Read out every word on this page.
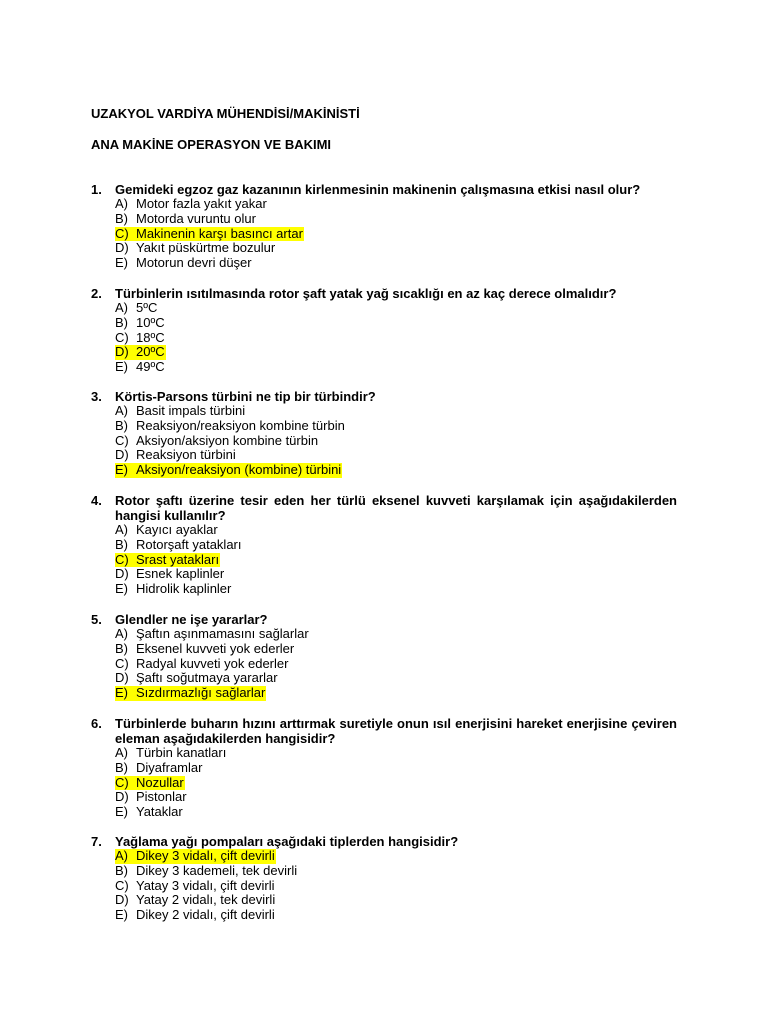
UZAKYOL VARDİYA MÜHENDİSİ/MAKİNİSTİ
ANA MAKİNE OPERASYON VE BAKIMI
1. Gemideki egzoz gaz kazanının kirlenmesinin makinenin çalışmasına etkisi nasıl olur?
A) Motor fazla yakıt yakar
B) Motorda vuruntu olur
C) Makinenin karşı basıncı artar
D) Yakıt püskürtme bozulur
E) Motorun devri düşer
2. Türbinlerin ısıtılmasında rotor şaft yatak yağ sıcaklığı en az kaç derece olmalıdır?
A) 5ºC
B) 10ºC
C) 18ºC
D) 20ºC
E) 49ºC
3. Körtis-Parsons türbini ne tip bir türbindir?
A) Basit impals türbini
B) Reaksiyon/reaksiyon kombine türbin
C) Aksiyon/aksiyon kombine türbin
D) Reaksiyon türbini
E) Aksiyon/reaksiyon (kombine) türbini
4. Rotor şaftı üzerine tesir eden her türlü eksenel kuvveti karşılamak için aşağıdakilerden hangisi kullanılır?
A) Kayıcı ayaklar
B) Rotorşaft yatakları
C) Srast yatakları
D) Esnek kaplinler
E) Hidrolik kaplinler
5. Glendler ne işe yararlar?
A) Şaftın aşınmamasını sağlarlar
B) Eksenel kuvveti yok ederler
C) Radyal kuvveti yok ederler
D) Şaftı soğutmaya yararlar
E) Sızdırmazlığı sağlarlar
6. Türbinlerde buharın hızını arttırmak suretiyle onun ısıl enerjisini hareket enerjisine çeviren eleman aşağıdakilerden hangisidir?
A) Türbin kanatları
B) Diyaframlar
C) Nozullar
D) Pistonlar
E) Yataklar
7. Yağlama yağı pompaları aşağıdaki tiplerden hangisidir?
A) Dikey 3 vidalı, çift devirli
B) Dikey 3 kademeli, tek devirli
C) Yatay 3 vidalı, çift devirli
D) Yatay 2 vidalı, tek devirli
E) Dikey 2 vidalı, çift devirli
